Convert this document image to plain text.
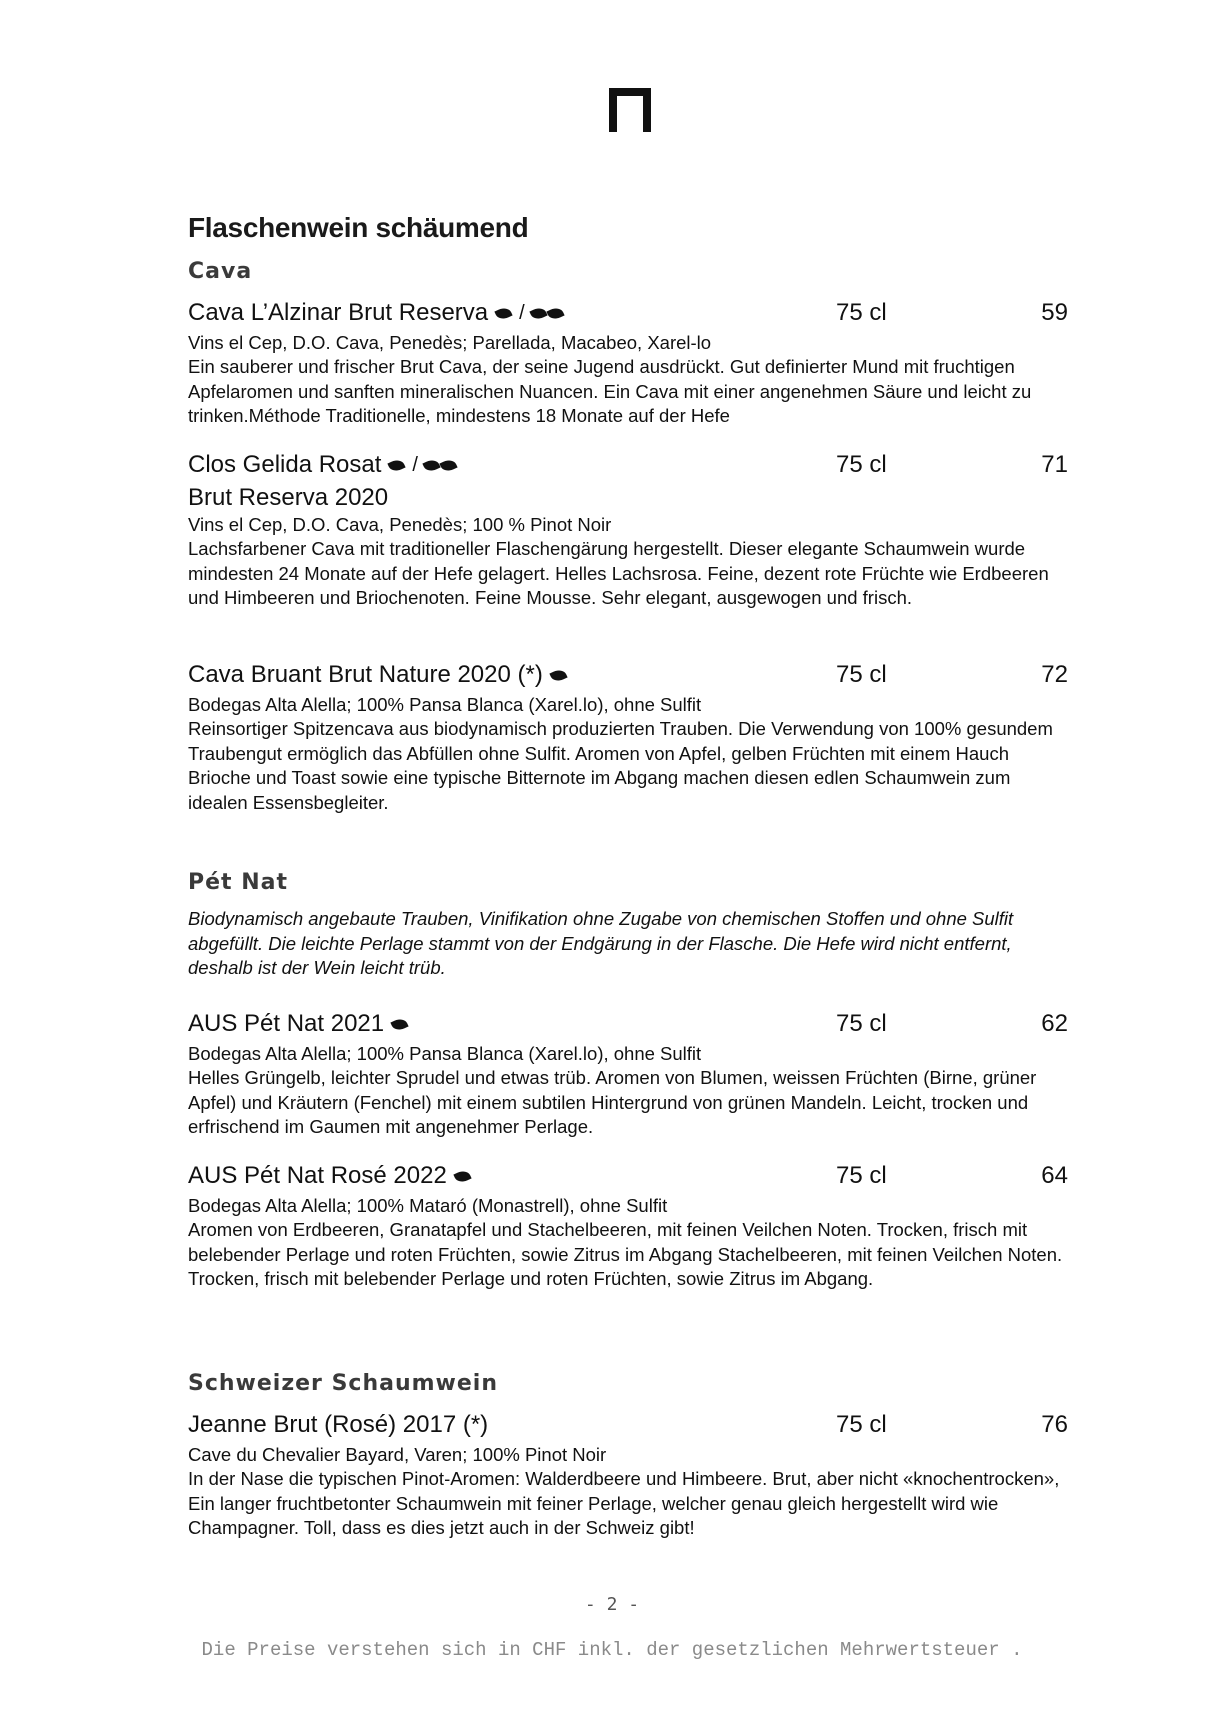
Flaschenwein schäumend
Cava
Cava L’Alzinar Brut Reserva /	75 cl	59
Vins el Cep, D.O. Cava, Penedès; Parellada, Macabeo, Xarel-lo
Ein sauberer und frischer Brut Cava, der seine Jugend ausdrückt. Gut definierter Mund mit fruchtigen Apfelaromen und sanften mineralischen Nuancen. Ein Cava mit einer angenehmen Säure und leicht zu trinken.Méthode Traditionelle, mindestens 18 Monate auf der Hefe
Clos Gelida Rosat /	75 cl	71
Brut Reserva 2020
Vins el Cep, D.O. Cava, Penedès; 100 % Pinot Noir
Lachsfarbener Cava mit traditioneller Flaschengärung hergestellt. Dieser elegante Schaumwein wurde mindesten 24 Monate auf der Hefe gelagert. Helles Lachsrosa. Feine, dezent rote Früchte wie Erdbeeren und Himbeeren und Briochenoten. Feine Mousse. Sehr elegant, ausgewogen und frisch.
Cava Bruant Brut Nature 2020 (*)	75 cl	72
Bodegas Alta Alella; 100% Pansa Blanca (Xarel.lo), ohne Sulfit
Reinsortiger Spitzencava aus biodynamisch produzierten Trauben. Die Verwendung von 100% gesundem Traubengut ermöglich das Abfüllen ohne Sulfit. Aromen von Apfel, gelben Früchten mit einem Hauch Brioche und Toast sowie eine typische Bitternote im Abgang machen diesen edlen Schaumwein zum idealen Essensbegleiter.
Pét Nat
Biodynamisch angebaute Trauben, Vinifikation ohne Zugabe von chemischen Stoffen und ohne Sulfit abgefüllt. Die leichte Perlage stammt von der Endgärung in der Flasche. Die Hefe wird nicht entfernt, deshalb ist der Wein leicht trüb.
AUS Pét Nat 2021	75 cl	62
Bodegas Alta Alella; 100% Pansa Blanca (Xarel.lo), ohne Sulfit
Helles Grüngelb, leichter Sprudel und etwas trüb. Aromen von Blumen, weissen Früchten (Birne, grüner Apfel) und Kräutern (Fenchel) mit einem subtilen Hintergrund von grünen Mandeln. Leicht, trocken und erfrischend im Gaumen mit angenehmer Perlage.
AUS Pét Nat Rosé 2022	75 cl	64
Bodegas Alta Alella; 100% Mataró (Monastrell), ohne Sulfit
Aromen von Erdbeeren, Granatapfel und Stachelbeeren, mit feinen Veilchen Noten. Trocken, frisch mit belebender Perlage und roten Früchten, sowie Zitrus im Abgang Stachelbeeren, mit feinen Veilchen Noten. Trocken, frisch mit belebender Perlage und roten Früchten, sowie Zitrus im Abgang.
Schweizer Schaumwein
Jeanne Brut (Rosé) 2017 (*)	75 cl	76
Cave du Chevalier Bayard, Varen; 100% Pinot Noir
In der Nase die typischen Pinot-Aromen: Walderdbeere und Himbeere. Brut, aber nicht «knochentrocken», Ein langer fruchtbetonter Schaumwein mit feiner Perlage, welcher genau gleich hergestellt wird wie Champagner. Toll, dass es dies jetzt auch in der Schweiz gibt!
- 2 -
Die Preise verstehen sich in CHF inkl. der gesetzlichen Mehrwertsteuer .
